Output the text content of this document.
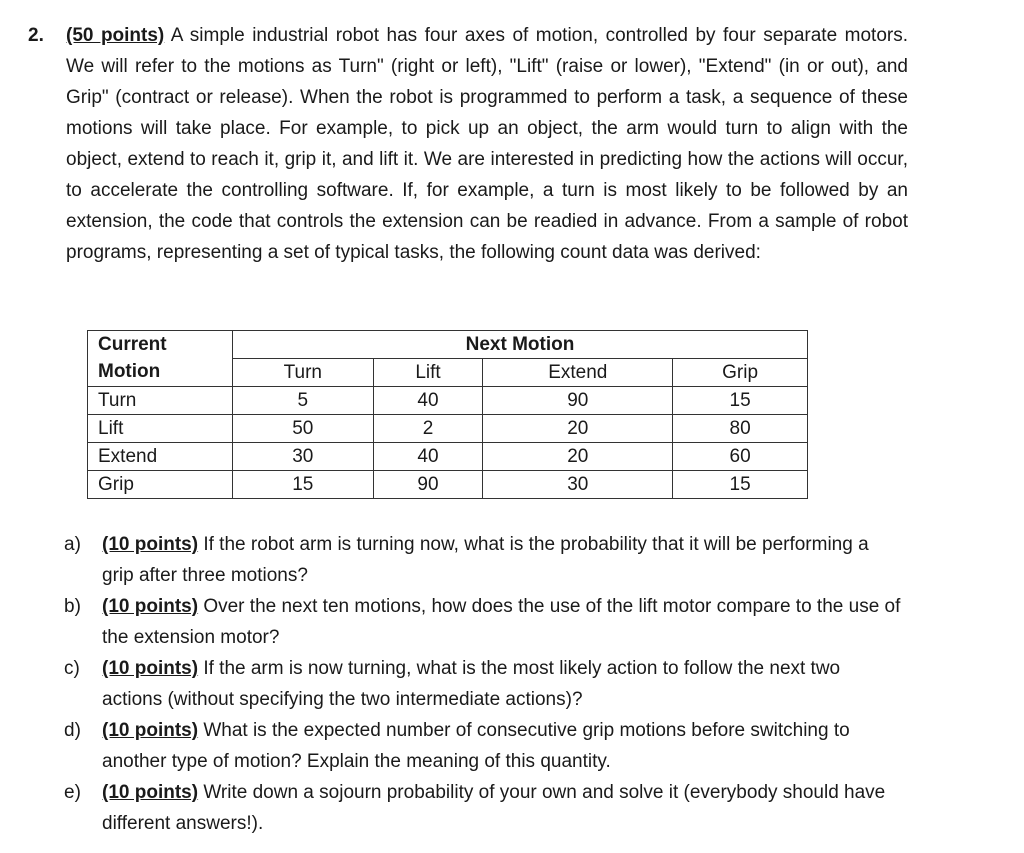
2. (50 points) A simple industrial robot has four axes of motion, controlled by four separate motors. We will refer to the motions as Turn" (right or left), "Lift" (raise or lower), "Extend" (in or out), and Grip" (contract or release). When the robot is programmed to perform a task, a sequence of these motions will take place. For example, to pick up an object, the arm would turn to align with the object, extend to reach it, grip it, and lift it. We are interested in predicting how the actions will occur, to accelerate the controlling software. If, for example, a turn is most likely to be followed by an extension, the code that controls the extension can be readied in advance. From a sample of robot programs, representing a set of typical tasks, the following count data was derived:
Current	Next Motion			
Motion	Turn	Lift	Extend	Grip
Turn	5	40	90	15
Lift	50	2	20	80
Extend	30	40	20	60
Grip	15	90	30	15
a) (10 points) If the robot arm is turning now, what is the probability that it will be performing a grip after three motions?
b) (10 points) Over the next ten motions, how does the use of the lift motor compare to the use of the extension motor?
c) (10 points) If the arm is now turning, what is the most likely action to follow the next two actions (without specifying the two intermediate actions)?
d) (10 points) What is the expected number of consecutive grip motions before switching to another type of motion? Explain the meaning of this quantity.
e) (10 points) Write down a sojourn probability of your own and solve it (everybody should have different answers!).
